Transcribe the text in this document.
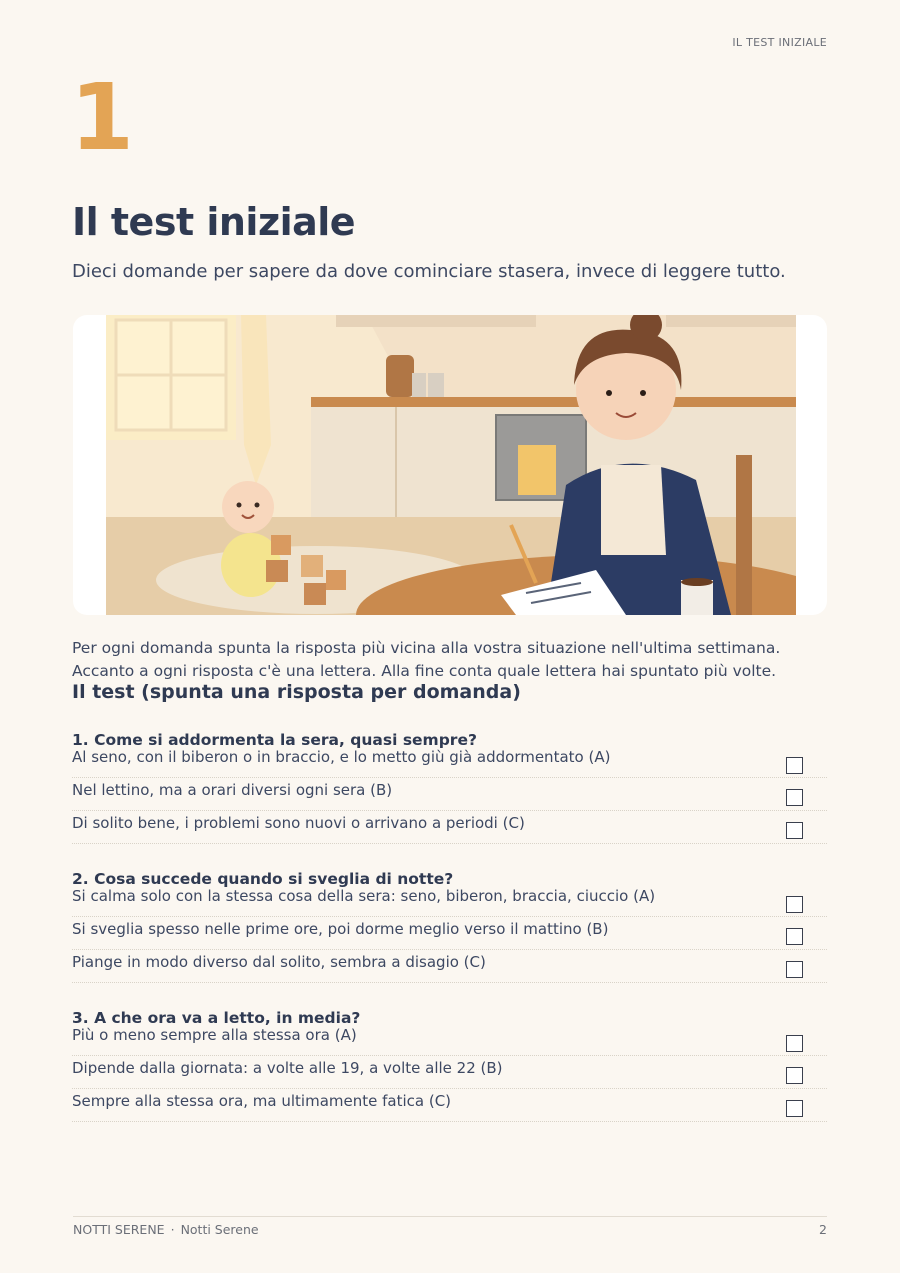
IL TEST INIZIALE
1
Il test iniziale

Dieci domande per sapere da dove cominciare stasera, invece di leggere tutto.

Per ogni domanda spunta la risposta più vicina alla vostra situazione nell'ultima settimana.
Accanto a ogni risposta c'è una lettera. Alla fine conta quale lettera hai spuntato più volte.
Il test (spunta una risposta per domanda)
1. Come si addormenta la sera, quasi sempre?
Al seno, con il biberon o in braccio, e lo metto giù già addormentato (A)
Nel lettino, ma a orari diversi ogni sera (B)
Di solito bene, i problemi sono nuovi o arrivano a periodi (C)
2. Cosa succede quando si sveglia di notte?
Si calma solo con la stessa cosa della sera: seno, biberon, braccia, ciuccio (A)
Si sveglia spesso nelle prime ore, poi dorme meglio verso il mattino (B)
Piange in modo diverso dal solito, sembra a disagio (C)
3. A che ora va a letto, in media?
Più o meno sempre alla stessa ora (A)
Dipende dalla giornata: a volte alle 19, a volte alle 22 (B)
Sempre alla stessa ora, ma ultimamente fatica (C)
NOTTI SERENE · Notti Serene	2
